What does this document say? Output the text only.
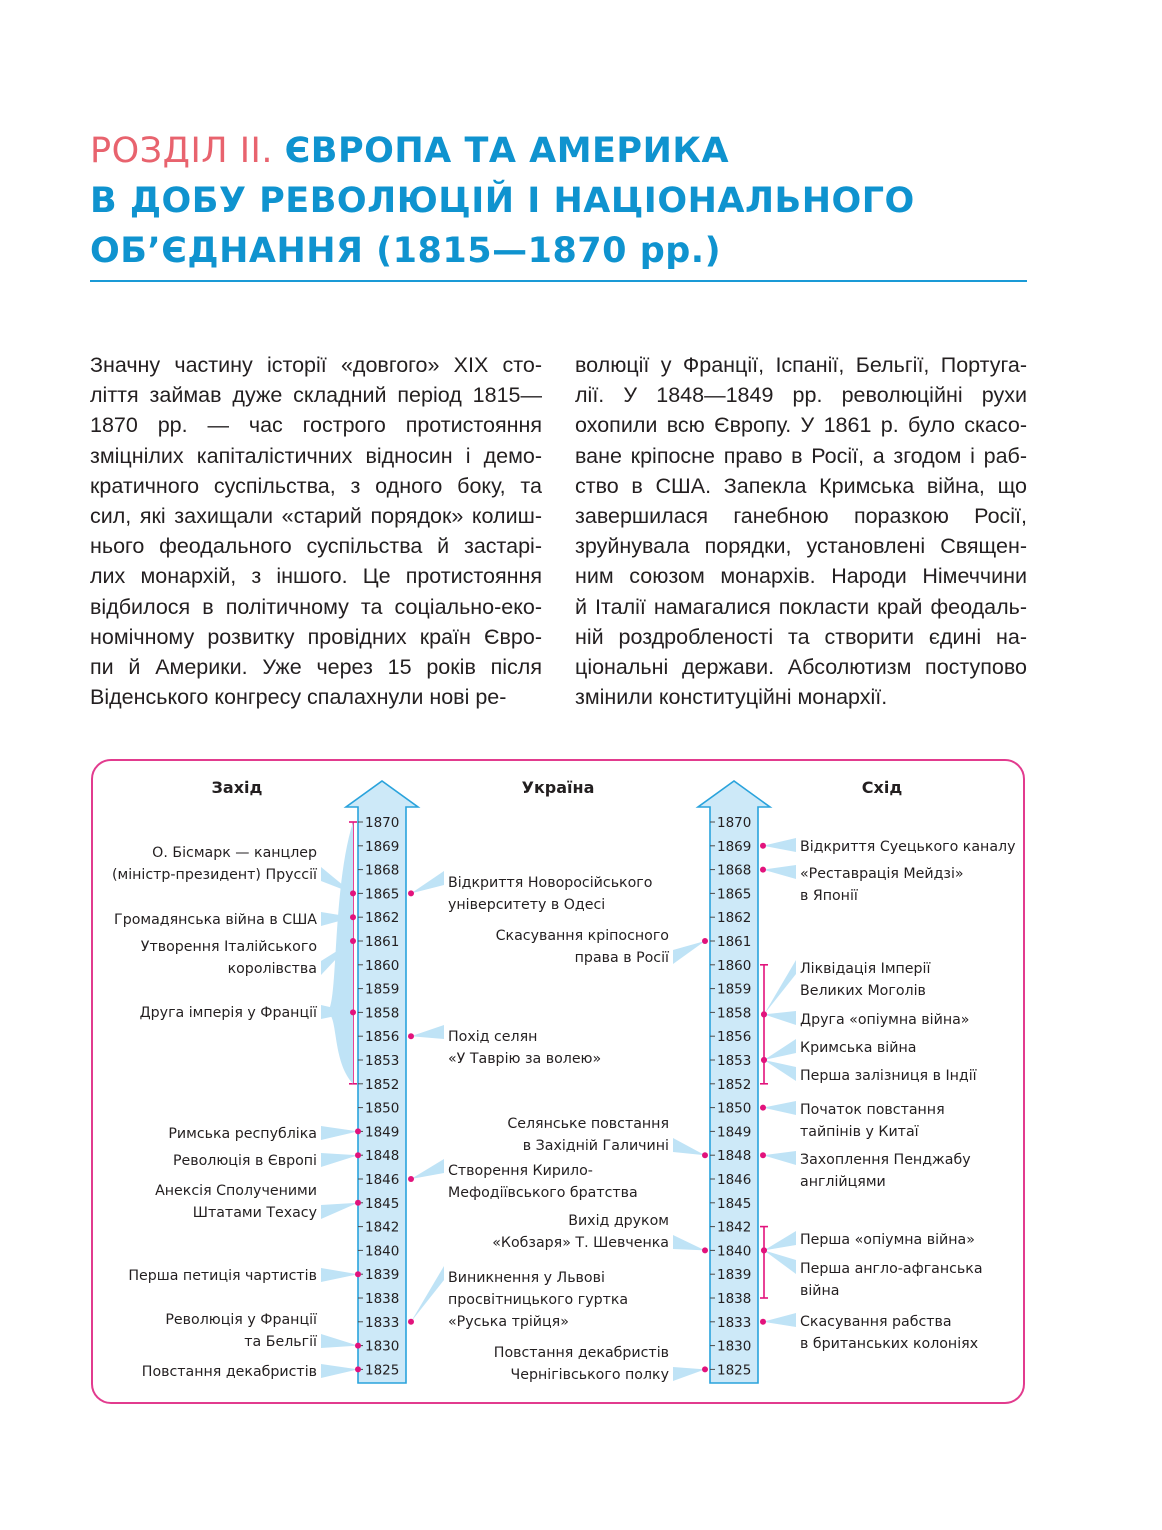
РОЗДІЛ II. ЄВРОПА ТА АМЕРИКА
В ДОБУ РЕВОЛЮЦІЙ І НАЦІОНАЛЬНОГО
ОБ’ЄДНАННЯ (1815—1870 рр.)
Значну частину історії «довгого» XIX сто-
ліття займав дуже складний період 1815—
1870 рр. — час гострого протистояння
зміцнілих капіталістичних відносин і демо-
кратичного суспільства, з одного боку, та
сил, які захищали «старий порядок» колиш-
нього феодального суспільства й застарі-
лих монархій, з іншого. Це протистояння
відбилося в політичному та соціально-еко-
номічному розвитку провідних країн Євро-
пи й Америки. Уже через 15 років після
Віденського конгресу спалахнули нові ре-
волюції у Франції, Іспанії, Бельгії, Португа-
лії. У 1848—1849 рр. революційні рухи
охопили всю Європу. У 1861 р. було скасо-
ване кріпосне право в Росії, а згодом і раб-
ство в США. Запекла Кримська війна, що
завершилася ганебною поразкою Росії,
зруйнувала порядки, установлені Священ-
ним союзом монархів. Народи Німеччини
й Італії намагалися покласти край феодаль-
ній роздробленості та створити єдині на-
ціональні держави. Абсолютизм поступово
змінили конституційні монархії.
Захід	Україна	Схід
1870
1869
1868
1865
1862
1861
1860
1859
1858
1856
1853
1852
1850
1849
1848
1846
1845
1842
1840
1839
1838
1833
1830
1825
1870
1869
1868
1865
1862
1861
1860
1859
1858
1856
1853
1852
1850
1849
1848
1846
1845
1842
1840
1839
1838
1833
1830
1825
О. Бісмарк — канцлер
(міністр-президент) Пруссії
Громадянська війна в США
Утворення Італійського
королівства
Друга імперія у Франції
Римська республіка
Революція в Європі
Анексія Сполученими
Штатами Техасу
Перша петиція чартистів
Революція у Франції
та Бельгії
Повстання декабристів
Відкриття Новоросійського
університету в Одесі
Похід селян
«У Таврію за волею»
Створення Кирило-
Мефодіївського братства
Виникнення у Львові
просвітницького гуртка
«Руська трійця»
Скасування кріпосного
права в Росії
Селянське повстання
в Західній Галичині
Вихід друком
«Кобзаря» Т. Шевченка
Повстання декабристів
Чернігівського полку
Відкриття Суецького каналу
«Реставрація Мейдзі»
в Японії
Ліквідація Імперії
Великих Моголів
Друга «опіумна війна»
Кримська війна
Перша залізниця в Індії
Початок повстання
тайпінів у Китаї
Захоплення Пенджабу
англійцями
Перша «опіумна війна»
Перша англо-афганська
війна
Скасування рабства
в британських колоніях
